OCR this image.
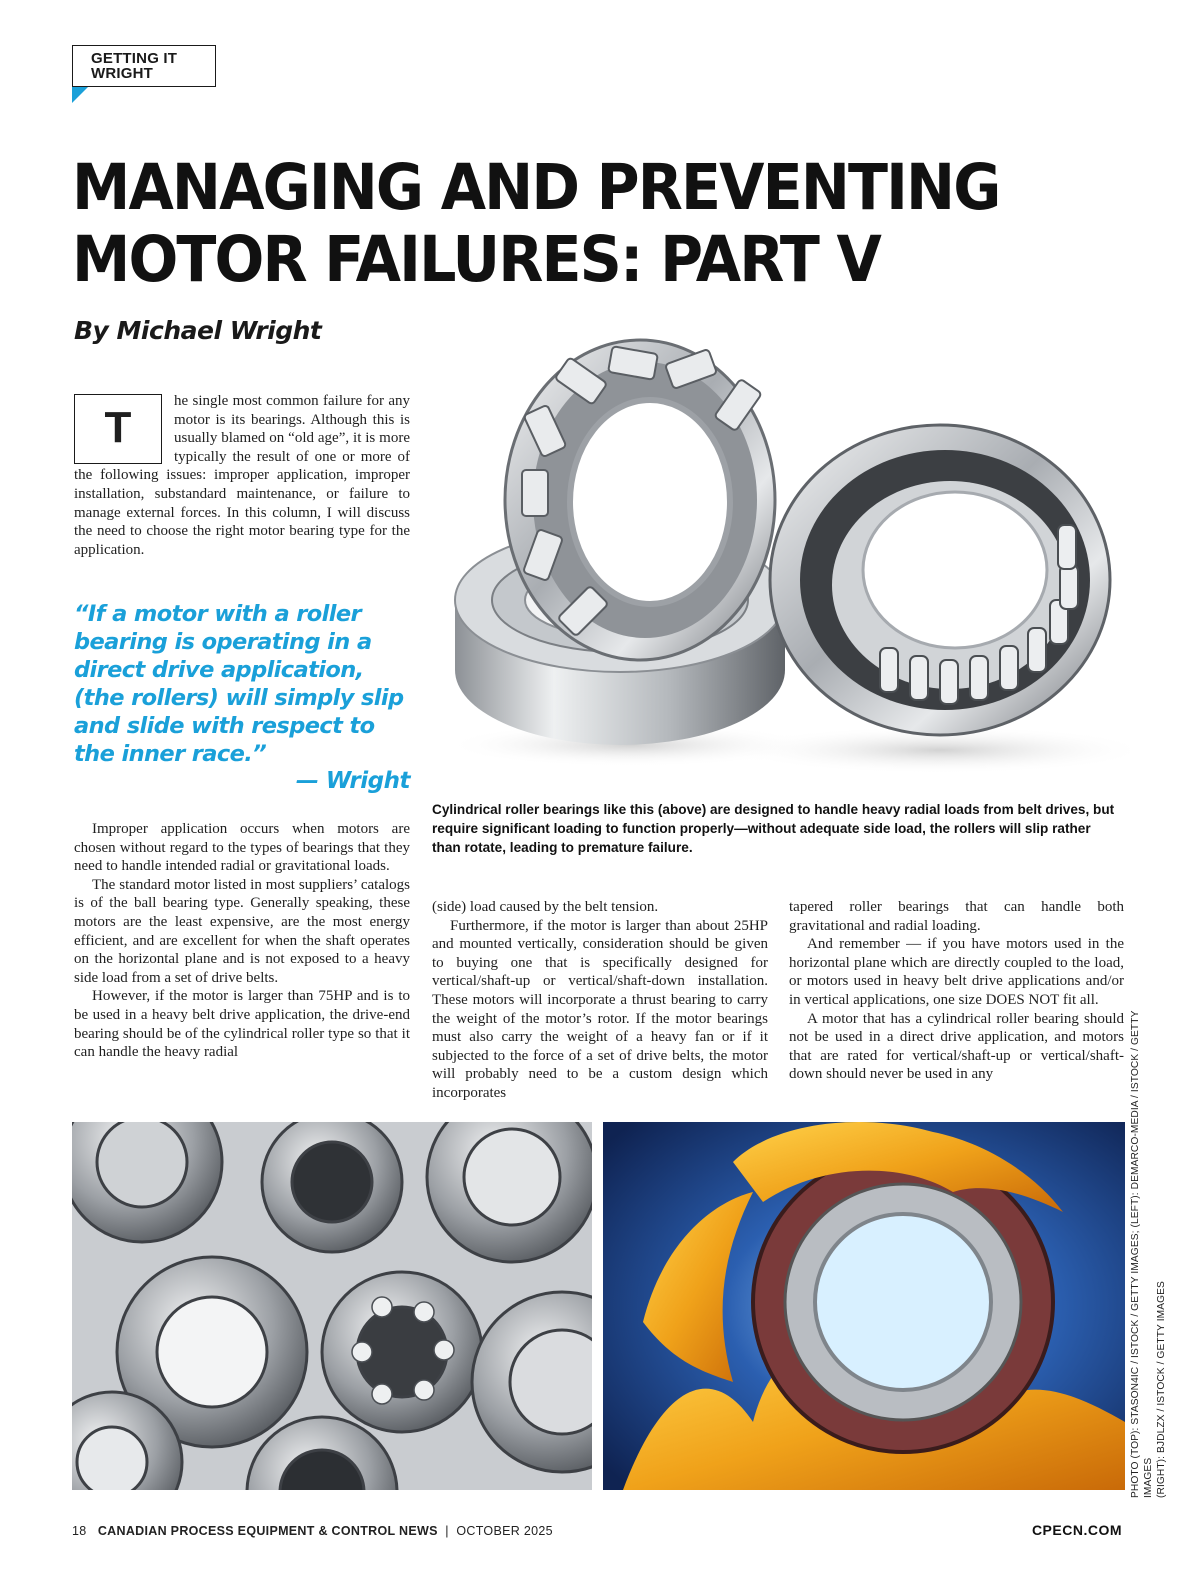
GETTING IT
WRIGHT
MANAGING AND PREVENTING
MOTOR FAILURES: PART V
By Michael Wright
T

he single most common failure for any motor is its bearings. Although this is usually blamed on “old age”, it is more typically the result of one or more of the following issues: improper application, improper installation, substandard maintenance, or failure to manage external forces. In this column, I will discuss the need to choose the right motor bearing type for the application.

“If a motor with a roller bearing is operating in a direct drive application, (the rollers) will simply slip and slide with respect to the inner race.”
— Wright
Cylindrical roller bearings like this (above) are designed to handle heavy radial loads from belt drives, but require significant loading to function properly—without adequate side load, the rollers will slip rather than rotate, leading to premature failure.

Improper application occurs when motors are chosen without regard to the types of bearings that they need to handle intended radial or gravitational loads.

The standard motor listed in most suppliers’ catalogs is of the ball bearing type. Generally speaking, these motors are the least expensive, are the most energy efficient, and are excellent for when the shaft operates on the horizontal plane and is not exposed to a heavy side load from a set of drive belts.

However, if the motor is larger than 75HP and is to be used in a heavy belt drive application, the drive-end bearing should be of the cylindrical roller type so that it can handle the heavy radial

(side) load caused by the belt tension.

Furthermore, if the motor is larger than about 25HP and mounted vertically, consideration should be given to buying one that is specifically designed for vertical/shaft-up or vertical/shaft-down installation. These motors will incorporate a thrust bearing to carry the weight of the motor’s rotor. If the motor bearings must also carry the weight of a heavy fan or if it subjected to the force of a set of drive belts, the motor will probably need to be a custom design which incorporates

tapered roller bearings that can handle both gravitational and radial loading.

And remember — if you have motors used in the horizontal plane which are directly coupled to the load, or motors used in heavy belt drive applications and/or in vertical applications, one size DOES NOT fit all.

A motor that has a cylindrical roller bearing should not be used in a direct drive application, and motors that are rated for vertical/shaft-up or vertical/shaft-down should never be used in any	PHOTO (TOP): STASON4IC / ISTOCK / GETTY IMAGES; (LEFT): DEMARCO-MEDIA / ISTOCK / GETTY IMAGES (RIGHT): BJDLZX / ISTOCK / GETTY IMAGES
18 CANADIAN PROCESS EQUIPMENT & CONTROL NEWS | OCTOBER 2025	CPECN.COM
